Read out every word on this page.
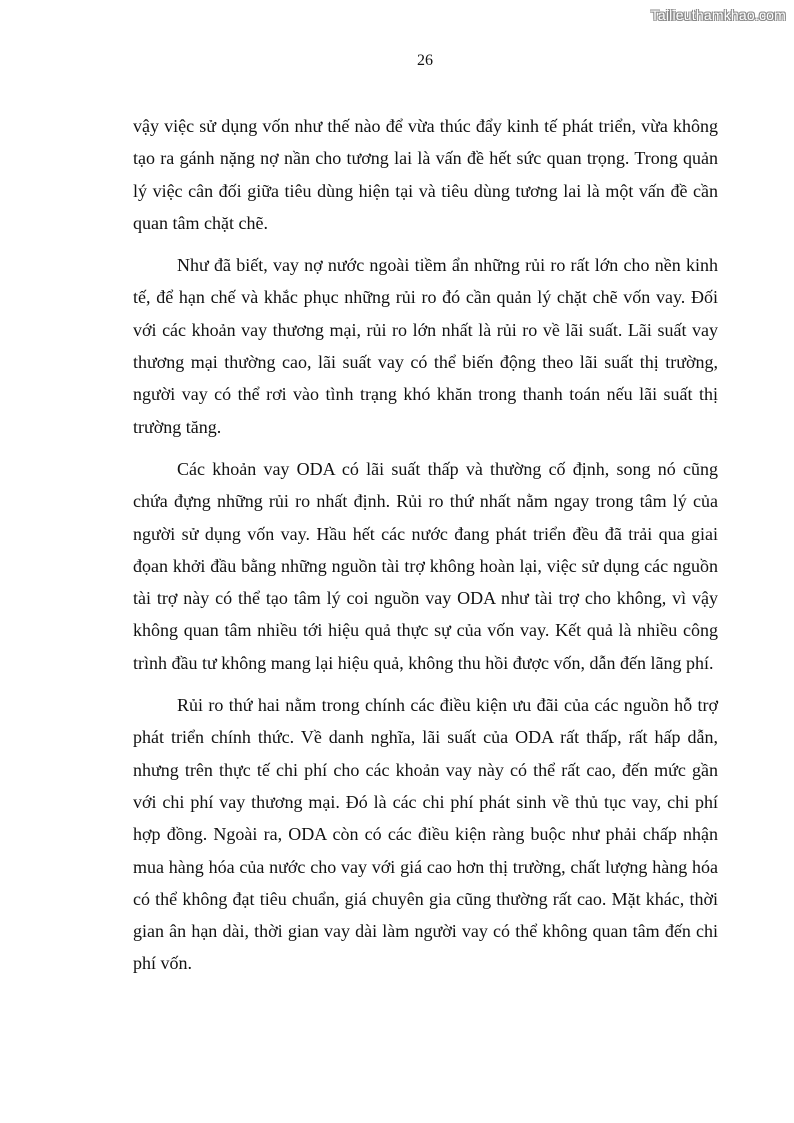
Tailieuthamkhao.com
26

vậy việc sử dụng vốn như thế nào để vừa thúc đẩy kinh tế phát triển, vừa không tạo ra gánh nặng nợ nần cho tương lai là vấn đề hết sức quan trọng. Trong quản lý việc cân đối giữa tiêu dùng hiện tại và tiêu dùng tương lai là một vấn đề cần quan tâm chặt chẽ.

Như đã biết, vay nợ nước ngoài tiềm ẩn những rủi ro rất lớn cho nền kinh tế, để hạn chế và khắc phục những rủi ro đó cần quản lý chặt chẽ vốn vay. Đối với các khoản vay thương mại, rủi ro lớn nhất là rủi ro về lãi suất. Lãi suất vay thương mại thường cao, lãi suất vay có thể biến động theo lãi suất thị trường, người vay có thể rơi vào tình trạng khó khăn trong thanh toán nếu lãi suất thị trường tăng.

Các khoản vay ODA có lãi suất thấp và thường cố định, song nó cũng chứa đựng những rủi ro nhất định. Rủi ro thứ nhất nằm ngay trong tâm lý của người sử dụng vốn vay. Hầu hết các nước đang phát triển đều đã trải qua giai đọan khởi đầu bằng những nguồn tài trợ không hoàn lại, việc sử dụng các nguồn tài trợ này có thể tạo tâm lý coi nguồn vay ODA như tài trợ cho không, vì vậy không quan tâm nhiều tới hiệu quả thực sự của vốn vay. Kết quả là nhiều công trình đầu tư không mang lại hiệu quả, không thu hồi được vốn, dẫn đến lãng phí.

Rủi ro thứ hai nằm trong chính các điều kiện ưu đãi của các nguồn hỗ trợ phát triển chính thức. Về danh nghĩa, lãi suất của ODA rất thấp, rất hấp dẫn, nhưng trên thực tế chi phí cho các khoản vay này có thể rất cao, đến mức gần với chi phí vay thương mại. Đó là các chi phí phát sinh về thủ tục vay, chi phí hợp đồng. Ngoài ra, ODA còn có các điều kiện ràng buộc như phải chấp nhận mua hàng hóa của nước cho vay với giá cao hơn thị trường, chất lượng hàng hóa có thể không đạt tiêu chuẩn, giá chuyên gia cũng thường rất cao. Mặt khác, thời gian ân hạn dài, thời gian vay dài làm người vay có thể không quan tâm đến chi phí vốn.
